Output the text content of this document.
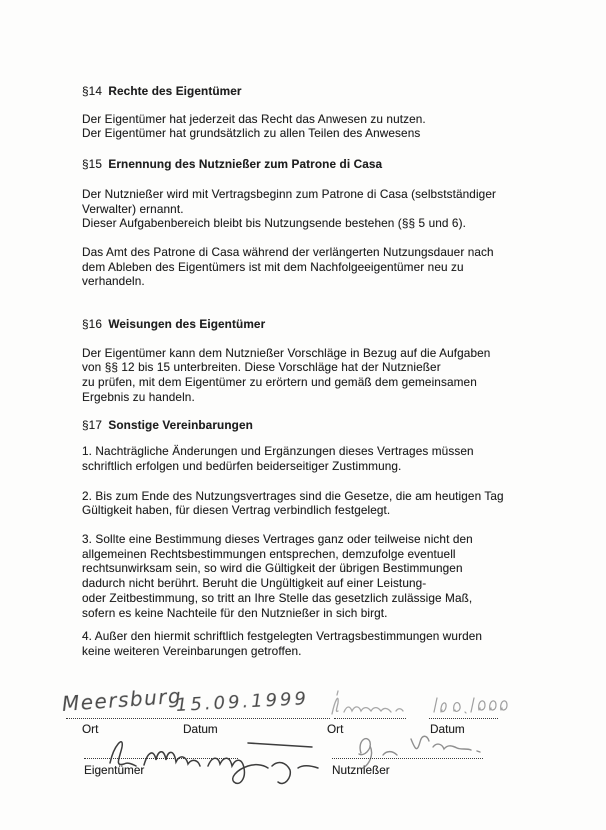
§14 Rechte des Eigentümer
Der Eigentümer hat jederzeit das Recht das Anwesen zu nutzen.
Der Eigentümer hat grundsätzlich zu allen Teilen des Anwesens
§15 Ernennung des Nutznießer zum Patrone di Casa
Der Nutznießer wird mit Vertragsbeginn zum Patrone di Casa (selbstständiger
Verwalter) ernannt.
Dieser Aufgabenbereich bleibt bis Nutzungsende bestehen (§§ 5 und 6).
Das Amt des Patrone di Casa während der verlängerten Nutzungsdauer nach
dem Ableben des Eigentümers ist mit dem Nachfolgeeigentümer neu zu
verhandeln.
§16 Weisungen des Eigentümer
Der Eigentümer kann dem Nutznießer Vorschläge in Bezug auf die Aufgaben
von §§ 12 bis 15 unterbreiten. Diese Vorschläge hat der Nutznießer
zu prüfen, mit dem Eigentümer zu erörtern und gemäß dem gemeinsamen
Ergebnis zu handeln.
§17 Sonstige Vereinbarungen
1. Nachträgliche Änderungen und Ergänzungen dieses Vertrages müssen
schriftlich erfolgen und bedürfen beiderseitiger Zustimmung.
2. Bis zum Ende des Nutzungsvertrages sind die Gesetze, die am heutigen Tag
Gültigkeit haben, für diesen Vertrag verbindlich festgelegt.
3. Sollte eine Bestimmung dieses Vertrages ganz oder teilweise nicht den
allgemeinen Rechtsbestimmungen entsprechen, demzufolge eventuell
rechtsunwirksam sein, so wird die Gültigkeit der übrigen Bestimmungen
dadurch nicht berührt. Beruht die Ungültigkeit auf einer Leistung-
oder Zeitbestimmung, so tritt an Ihre Stelle das gesetzlich zulässige Maß,
sofern es keine Nachteile für den Nutznießer in sich birgt.
4. Außer den hiermit schriftlich festgelegten Vertragsbestimmungen wurden
keine weiteren Vereinbarungen getroffen.
Meersburg
15.09.1999
Ort	Datum	Ort	Datum
Eigentümer	Nutznießer
